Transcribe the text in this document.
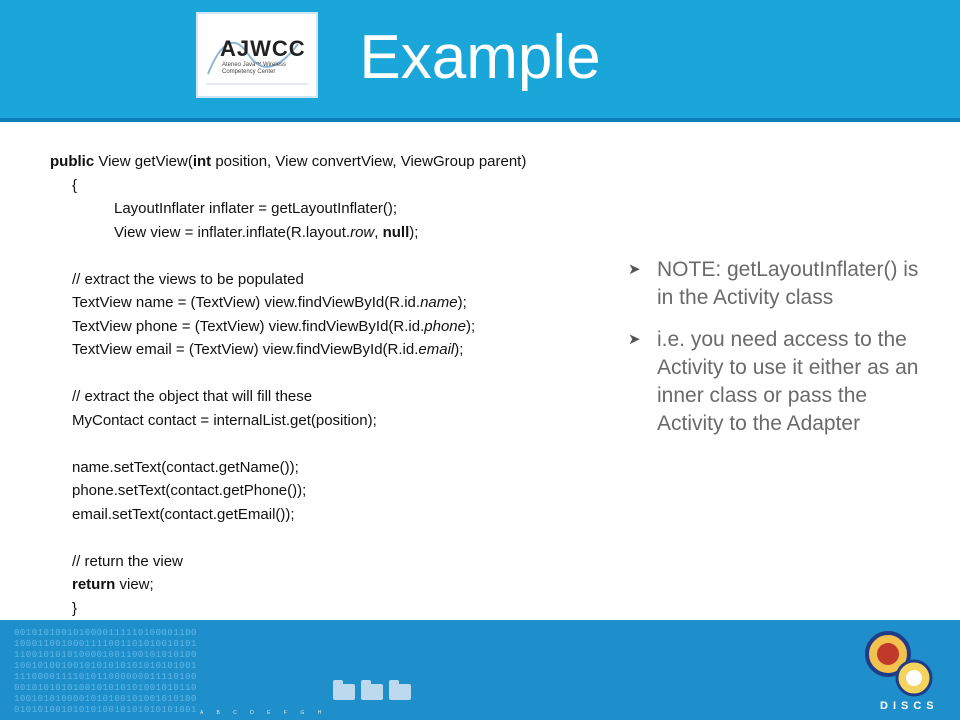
Example
public View getView(int position, View convertView, ViewGroup parent)
{
LayoutInflater inflater = getLayoutInflater();
View view = inflater.inflate(R.layout.row, null);
// extract the views to be populated
TextView name = (TextView) view.findViewById(R.id.name);
TextView phone = (TextView) view.findViewById(R.id.phone);
TextView email = (TextView) view.findViewById(R.id.email);
// extract the object that will fill these
MyContact contact = internalList.get(position);
name.setText(contact.getName());
phone.setText(contact.getPhone());
email.setText(contact.getEmail());
// return the view
return view;
}
➤ NOTE: getLayoutInflater() is in the Activity class
➤ i.e. you need access to the Activity to use it either as an inner class or pass the Activity to the Adapter
0010101001010000111110100001100
1000110010001111001101010010101
1100101010100001001100101010100
1001010010010101010101010101001
1110000111101011000000011110100
0010101010100101010101001010110
1001010100001010100101001010100
0101010010101010010101010101001
AJWCC
Ateneo Java™ Wireless Competency Center
A B C D E F G H
DISCS
